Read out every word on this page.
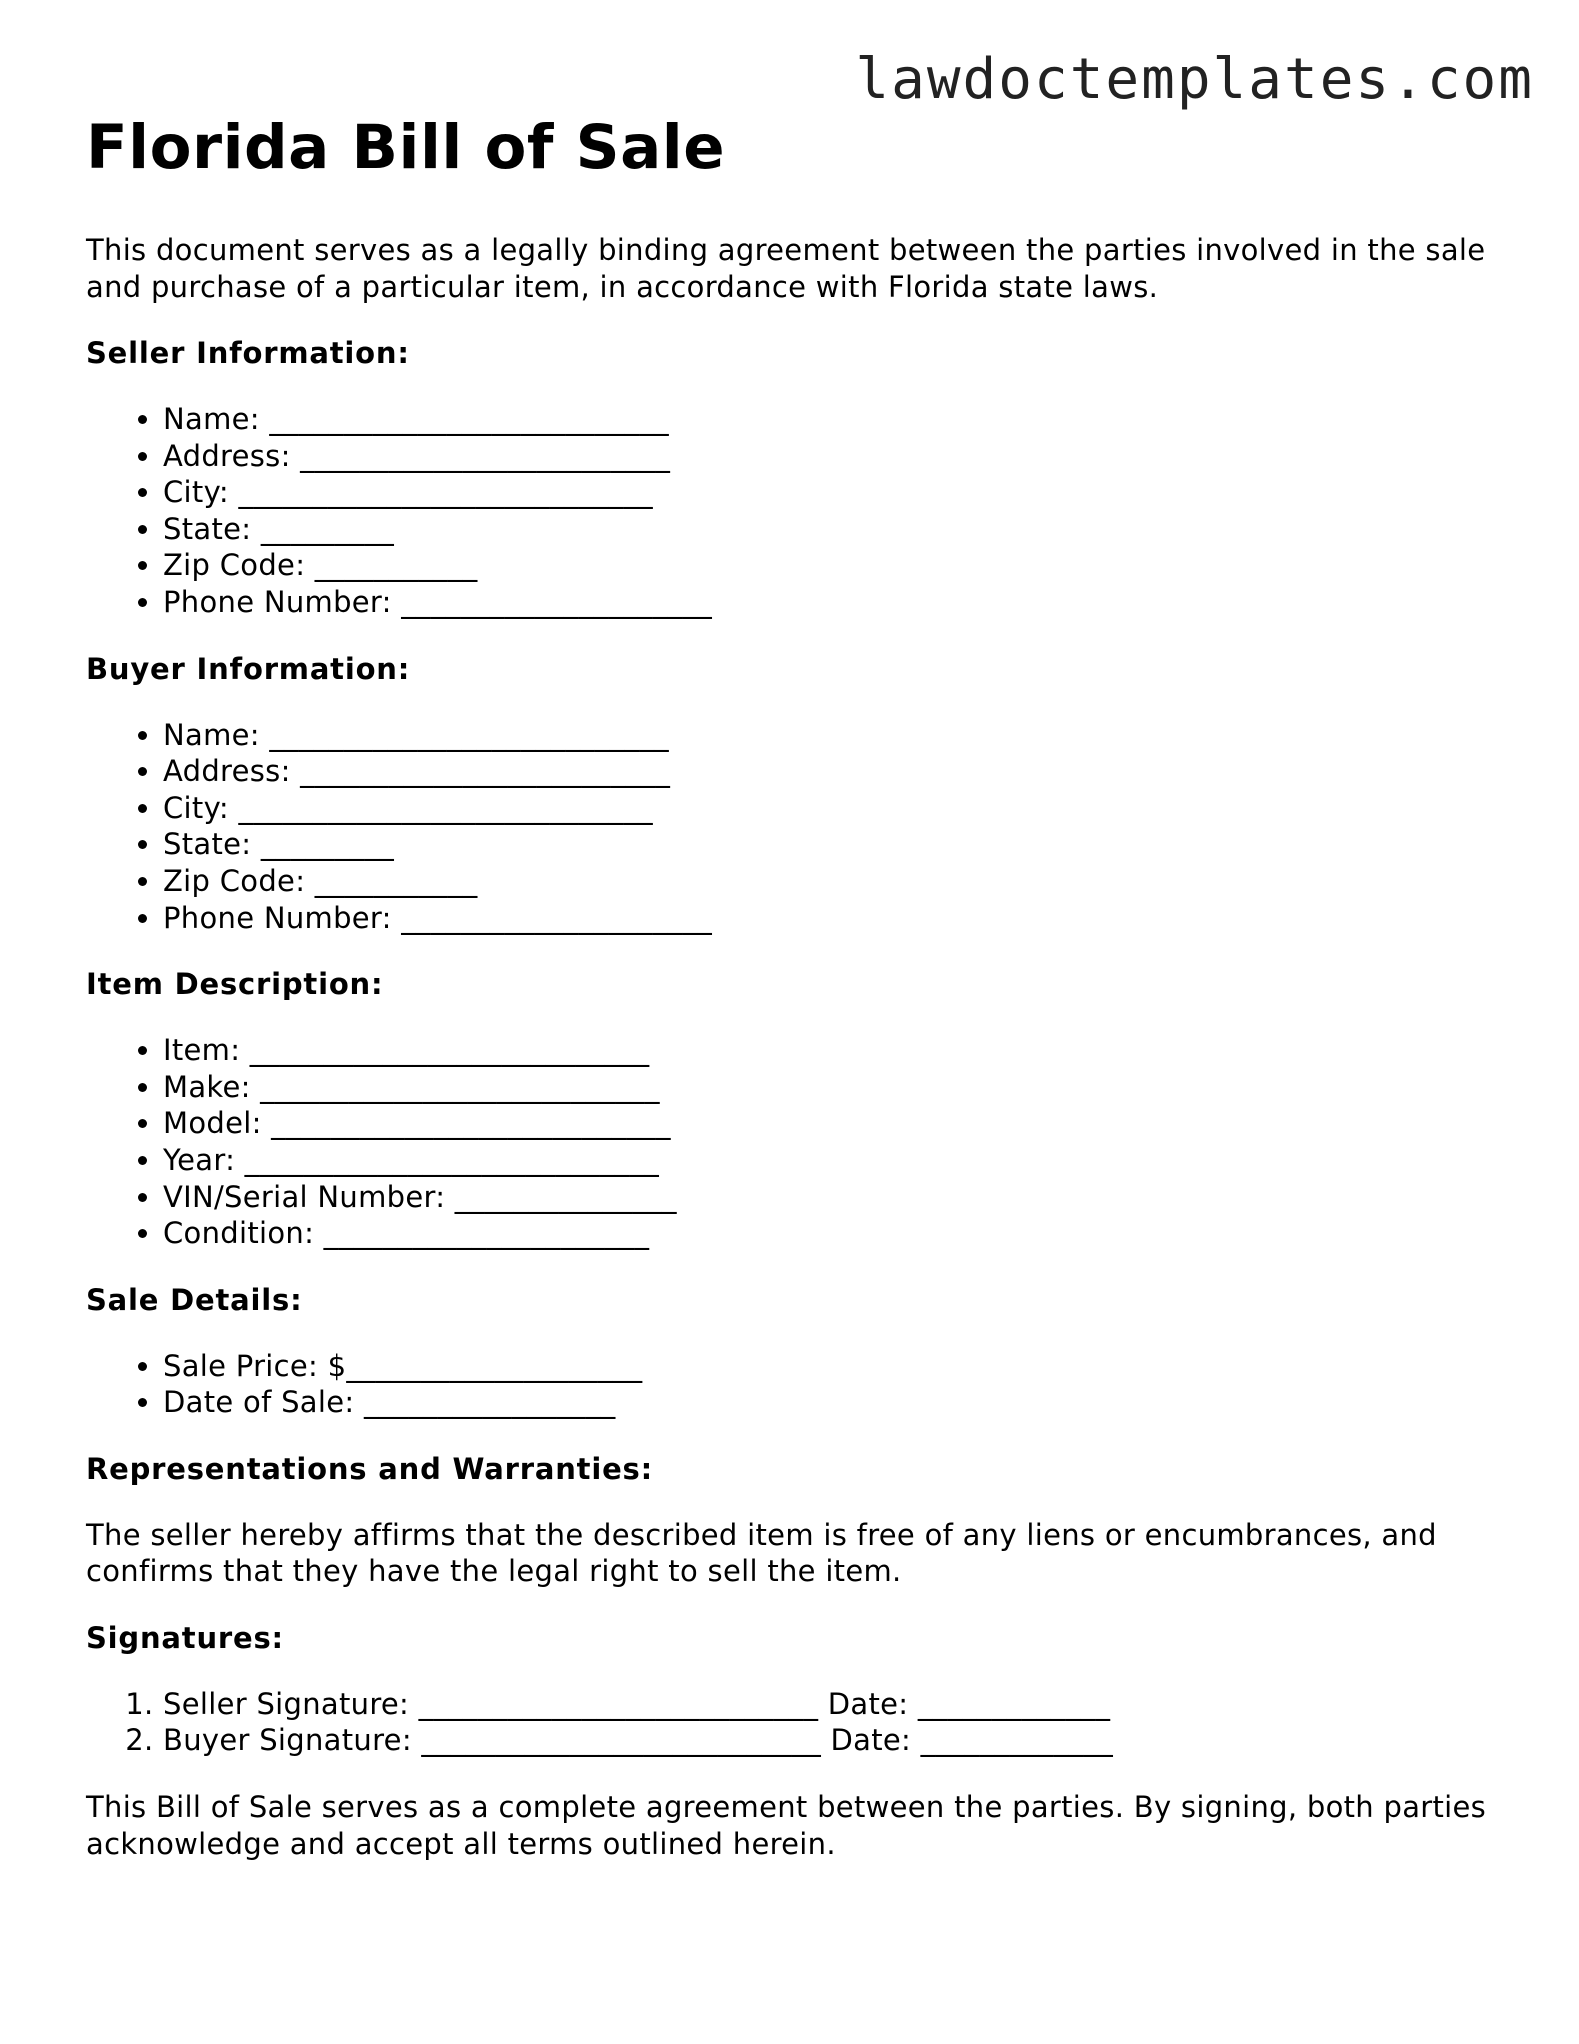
lawdoctemplates.com
Florida Bill of Sale

This document serves as a legally binding agreement between the parties involved in the sale and purchase of a particular item, in accordance with Florida state laws.

Seller Information:
• Name: ___________________________
• Address: _________________________
• City: ____________________________
• State: _________
• Zip Code: ___________
• Phone Number: _____________________
Buyer Information:
• Name: ___________________________
• Address: _________________________
• City: ____________________________
• State: _________
• Zip Code: ___________
• Phone Number: _____________________
Item Description:
• Item: ___________________________
• Make: ___________________________
• Model: ___________________________
• Year: ____________________________
• VIN/Serial Number: _______________
• Condition: ______________________
Sale Details:
• Sale Price: $____________________
• Date of Sale: _________________
Representations and Warranties:

The seller hereby affirms that the described item is free of any liens or encumbrances, and confirms that they have the legal right to sell the item.

Signatures:
1. Seller Signature: ___________________________ Date: _____________
2. Buyer Signature: ___________________________ Date: _____________

This Bill of Sale serves as a complete agreement between the parties. By signing, both parties acknowledge and accept all terms outlined herein.
